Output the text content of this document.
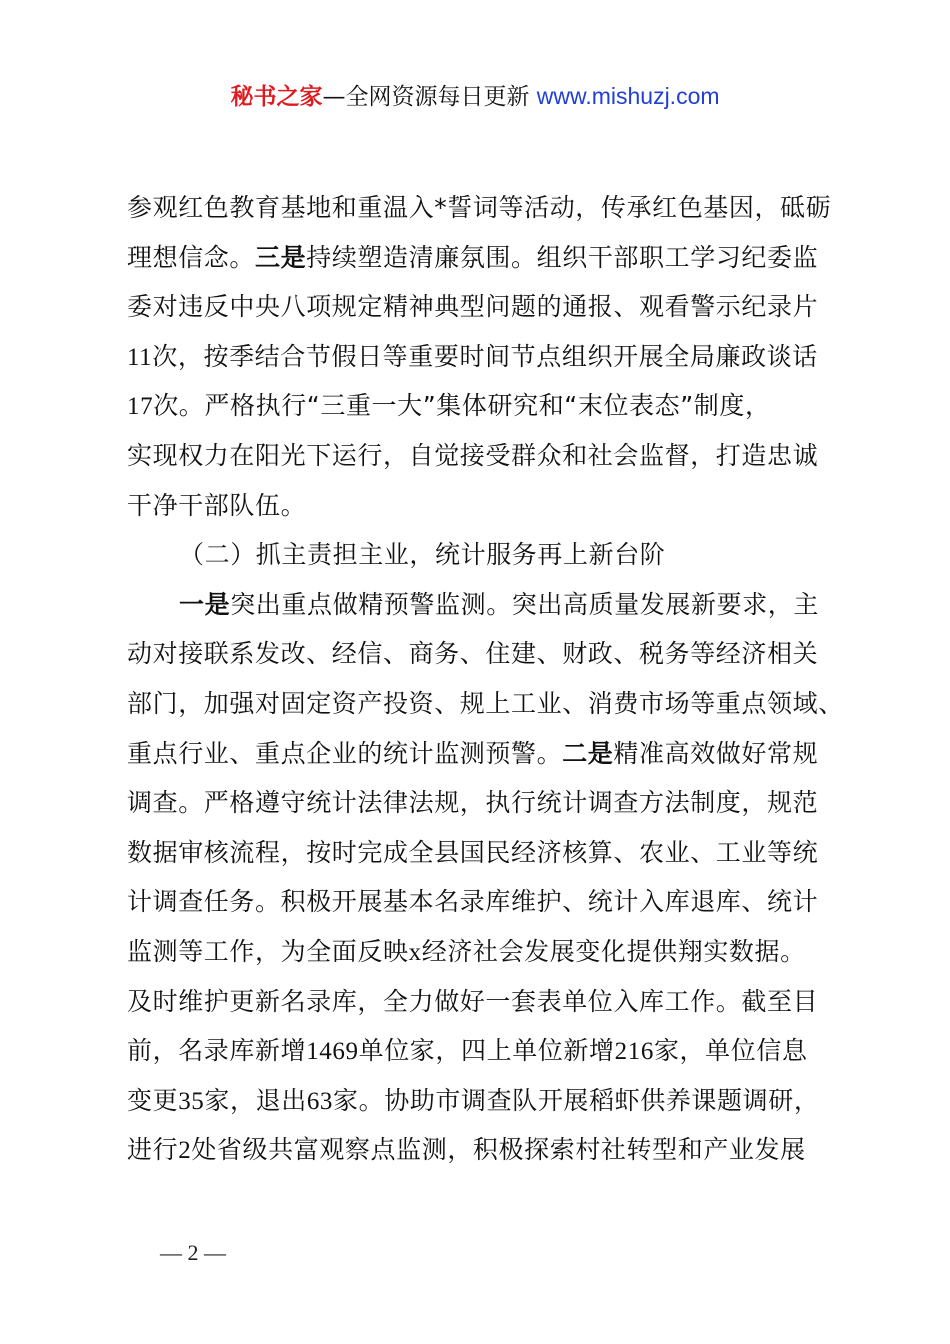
秘书之家—全网资源每日更新 www.mishuzj.com
参观红色教育基地和重温入*誓词等活动，传承红色基因，砥砺
理想信念。三是持续塑造清廉氛围。组织干部职工学习纪委监
委对违反中央八项规定精神典型问题的通报、观看警示纪录片
11次，按季结合节假日等重要时间节点组织开展全局廉政谈话
17次。严格执行“三重一大”集体研究和“末位表态”制度，
实现权力在阳光下运行，自觉接受群众和社会监督，打造忠诚
干净干部队伍。
（二）抓主责担主业，统计服务再上新台阶
一是突出重点做精预警监测。突出高质量发展新要求，主
动对接联系发改、经信、商务、住建、财政、税务等经济相关
部门，加强对固定资产投资、规上工业、消费市场等重点领域、
重点行业、重点企业的统计监测预警。二是精准高效做好常规
调查。严格遵守统计法律法规，执行统计调查方法制度，规范
数据审核流程，按时完成全县国民经济核算、农业、工业等统
计调查任务。积极开展基本名录库维护、统计入库退库、统计
监测等工作，为全面反映x经济社会发展变化提供翔实数据。
及时维护更新名录库，全力做好一套表单位入库工作。截至目
前，名录库新增1469单位家，四上单位新增216家，单位信息
变更35家，退出63家。协助市调查队开展稻虾供养课题调研，
进行2处省级共富观察点监测，积极探索村社转型和产业发展
— 2 —
